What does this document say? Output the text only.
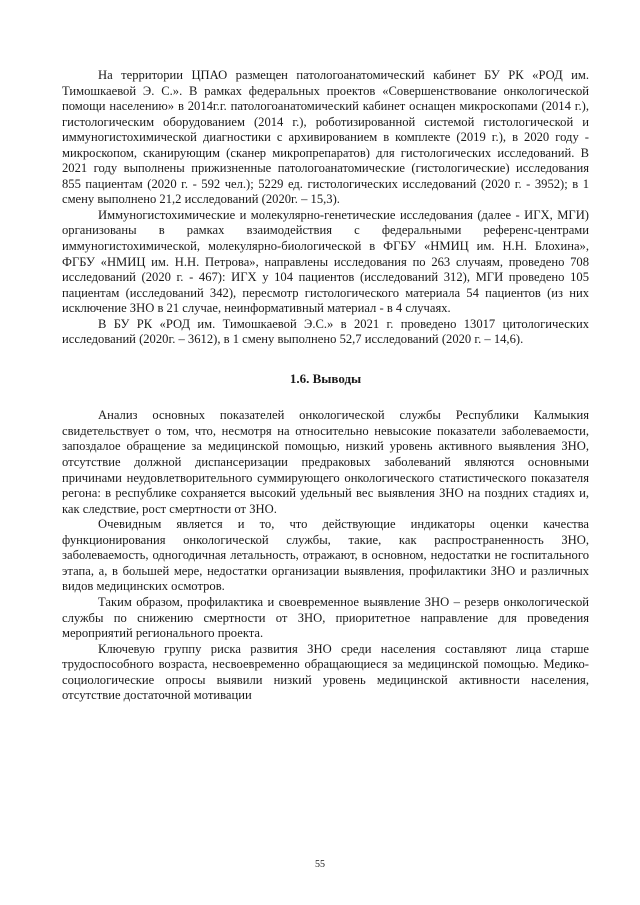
На территории ЦПАО размещен патологоанатомический кабинет БУ РК «РОД им. Тимошкаевой Э. С.». В рамках федеральных проектов «Совершенствование онкологической помощи населению» в 2014г.г. патологоанатомический кабинет оснащен микроскопами (2014 г.), гистологическим оборудованием (2014 г.), роботизированной системой гистологической и иммуногистохимической диагностики с архивированием в комплекте (2019 г.), в 2020 году - микроскопом, сканирующим (сканер микропрепаратов) для гистологических исследований. В 2021 году выполнены прижизненные патологоанатомические (гистологические) исследования 855 пациентам (2020 г. - 592 чел.); 5229 ед. гистологических исследований (2020 г. - 3952); в 1 смену выполнено 21,2 исследований (2020г. – 15,3).

Иммуногистохимические и молекулярно-генетические исследования (далее - ИГХ, МГИ) организованы в рамках взаимодействия с федеральными референс-центрами иммуногистохимической, молекулярно-биологической в ФГБУ «НМИЦ им. Н.Н. Блохина», ФГБУ «НМИЦ им. Н.Н. Петрова», направлены исследования по 263 случаям, проведено 708 исследований (2020 г. - 467): ИГХ у 104 пациентов (исследований 312), МГИ проведено 105 пациентам (исследований 342), пересмотр гистологического материала 54 пациентов (из них исключение ЗНО в 21 случае, неинформативный материал - в 4 случаях.

В БУ РК «РОД им. Тимошкаевой Э.С.» в 2021 г. проведено 13017 цитологических исследований (2020г. – 3612), в 1 смену выполнено 52,7 исследований (2020 г. – 14,6).

1.6. Выводы

Анализ основных показателей онкологической службы Республики Калмыкия свидетельствует о том, что, несмотря на относительно невысокие показатели заболеваемости, запоздалое обращение за медицинской помощью, низкий уровень активного выявления ЗНО, отсутствие должной диспансеризации предраковых заболеваний являются основными причинами неудовлетворительного суммирующего онкологического статистического показателя регона: в республике сохраняется высокий удельный вес выявления ЗНО на поздних стадиях и, как следствие, рост смертности от ЗНО.

Очевидным является и то, что действующие индикаторы оценки качества функционирования онкологической службы, такие, как распространенность ЗНО, заболеваемость, одногодичная летальность, отражают, в основном, недостатки не госпитального этапа, а, в большей мере, недостатки организации выявления, профилактики ЗНО и различных видов медицинских осмотров.

Таким образом, профилактика и своевременное выявление ЗНО – резерв онкологической службы по снижению смертности от ЗНО, приоритетное направление для проведения мероприятий регионального проекта.

Ключевую группу риска развития ЗНО среди населения составляют лица старше трудоспособного возраста, несвоевременно обращающиеся за медицинской помощью. Медико-социологические опросы выявили низкий уровень медицинской активности населения, отсутствие достаточной мотивации

55
